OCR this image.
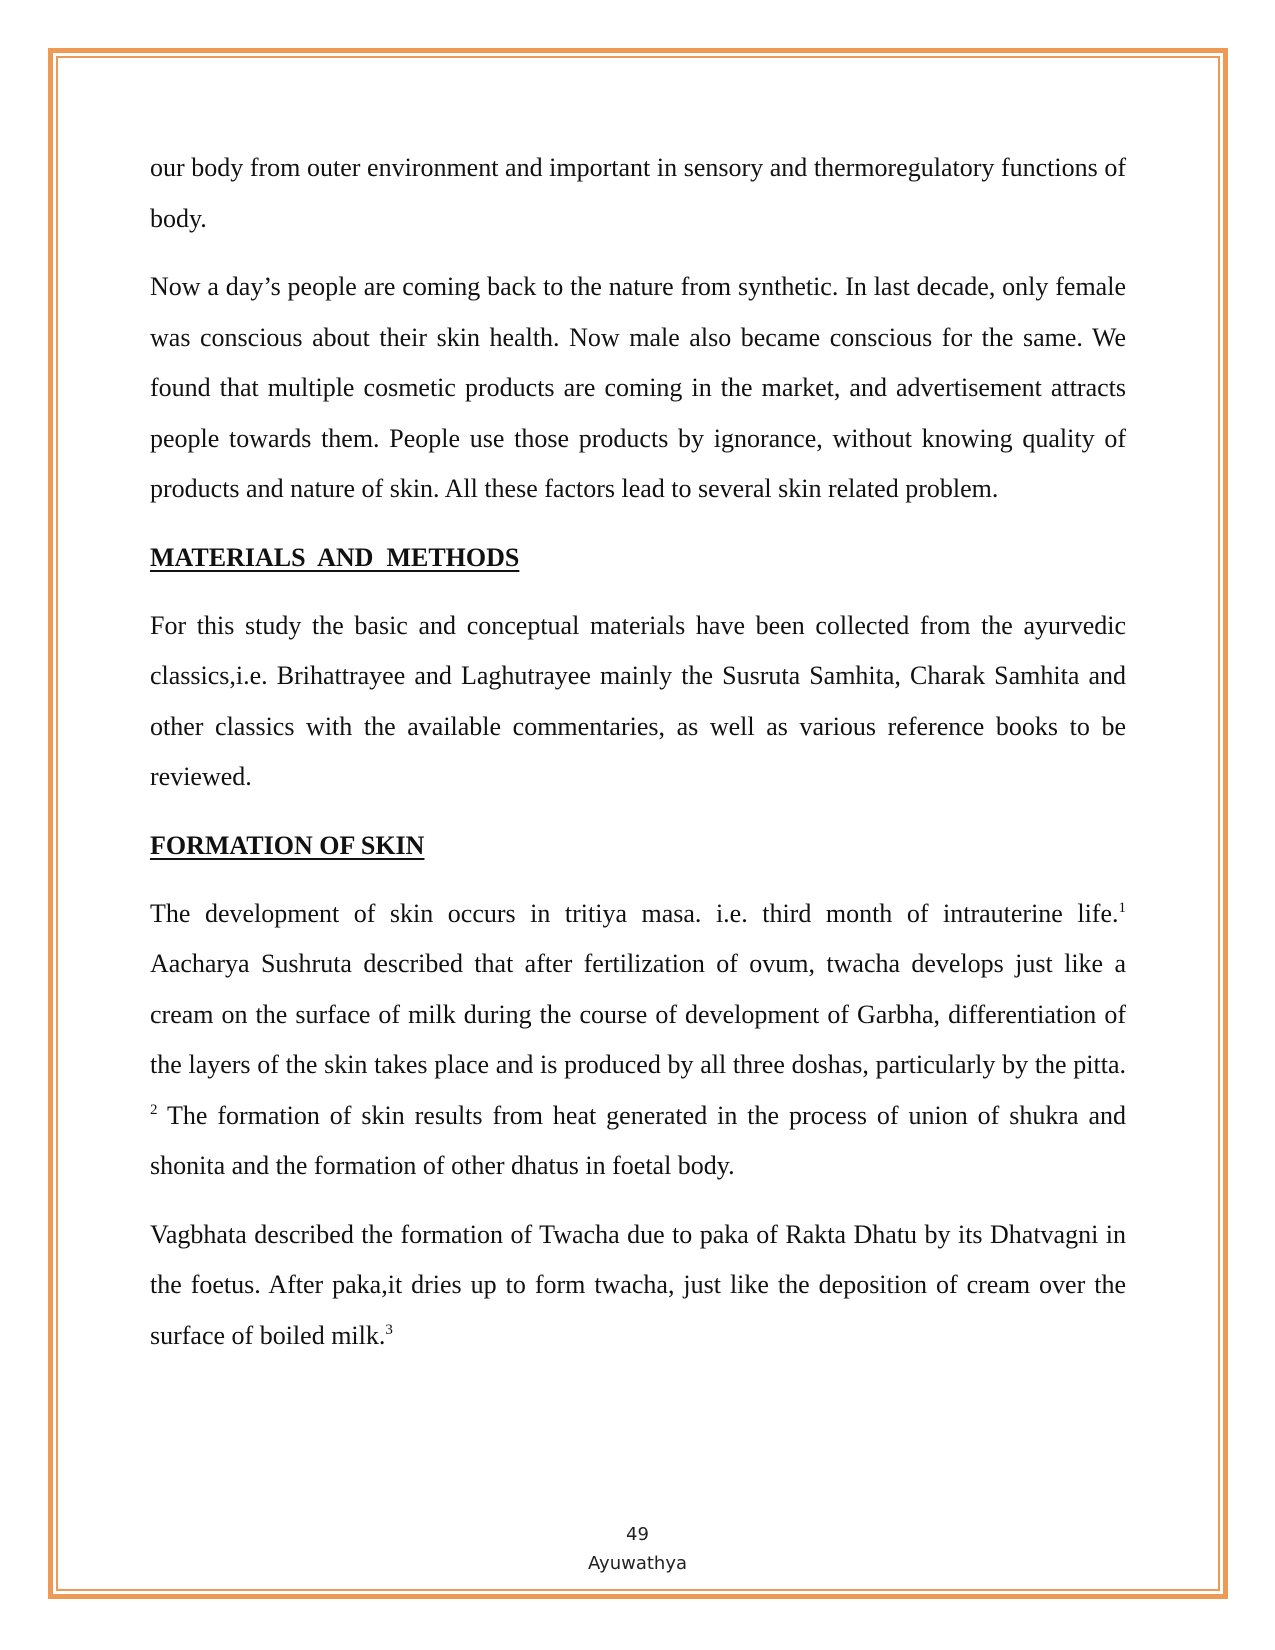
our body from outer environment and important in sensory and thermoregulatory functions of body.

Now a day’s people are coming back to the nature from synthetic. In last decade, only female was conscious about their skin health. Now male also became conscious for the same. We found that multiple cosmetic products are coming in the market, and advertisement attracts people towards them. People use those products by ignorance, without knowing quality of products and nature of skin. All these factors lead to several skin related problem.

MATERIALS  AND  METHODS

For this study the basic and conceptual materials have been collected from the ayurvedic classics,i.e. Brihattrayee and Laghutrayee mainly the Susruta Samhita, Charak Samhita and other classics with the available commentaries, as well as various reference books to be reviewed.

FORMATION OF SKIN

The development of skin occurs in tritiya masa. i.e. third month of intrauterine life.$^1$ Aacharya Sushruta described that after fertilization of ovum, twacha develops just like a cream on the surface of milk during the course of development of Garbha, differentiation of the layers of the skin takes place and is produced by all three doshas, particularly by the pitta. $^2$ The formation of skin results from heat generated in the process of union of shukra and shonita and the formation of other dhatus in foetal body.

Vagbhata described the formation of Twacha due to paka of Rakta Dhatu by its Dhatvagni in the foetus. After paka,it dries up to form twacha, just like the deposition of cream over the surface of boiled milk.$^3$

49
Ayuwathya
